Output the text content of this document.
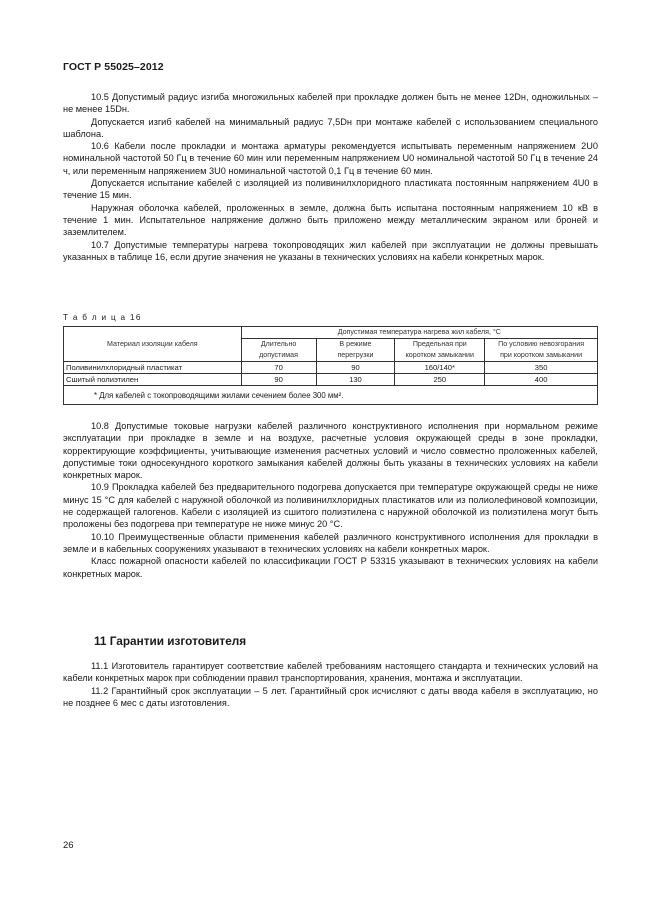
ГОСТ Р 55025–2012

10.5 Допустимый радиус изгиба многожильных кабелей при прокладке должен быть не менее 12Dн, одножильных – не менее 15Dн.

Допускается изгиб кабелей на минимальный радиус 7,5Dн при монтаже кабелей с использованием специального шаблона.

10.6 Кабели после прокладки и монтажа арматуры рекомендуется испытывать переменным напряжением 2U0 номинальной частотой 50 Гц в течение 60 мин или переменным напряжением U0 номинальной частотой 50 Гц в течение 24 ч, или переменным напряжением 3U0 номинальной частотой 0,1 Гц в течение 60 мин.

Допускается испытание кабелей с изоляцией из поливинилхлоридного пластиката постоянным напряжением 4U0 в течение 15 мин.

Наружная оболочка кабелей, проложенных в земле, должна быть испытана постоянным напряжением 10 кВ в течение 1 мин. Испытательное напряжение должно быть приложено между металлическим экраном или броней и заземлителем.

10.7 Допустимые температуры нагрева токопроводящих жил кабелей при эксплуатации не должны превышать указанных в таблице 16, если другие значения не указаны в технических условиях на кабели конкретных марок.

Т а б л и ц а 16
Материал изоляции кабеля	Допустимая температура нагрева жил кабеля, °С			
	Длительно	В режиме	Предельная при	По условию невозгорания
	допустимая	перегрузки	коротком замыкании	при коротком замыкании
Поливинилхлоридный пластикат	70	90	160/140*	350
Сшитый полиэтилен	90	130	250	400
* Для кабелей с токопроводящими жилами сечением более 300 мм².				

10.8 Допустимые токовые нагрузки кабелей различного конструктивного исполнения при нормальном режиме эксплуатации при прокладке в земле и на воздухе, расчетные условия окружающей среды в зоне прокладки, корректирующие коэффициенты, учитывающие изменения расчетных условий и число совместно проложенных кабелей, допустимые токи односекундного короткого замыкания кабелей должны быть указаны в технических условиях на кабели конкретных марок.

10.9 Прокладка кабелей без предварительного подогрева допускается при температуре окружающей среды не ниже минус 15 °С для кабелей с наружной оболочкой из поливинилхлоридных пластикатов или из полиолефиновой композиции, не содержащей галогенов. Кабели с изоляцией из сшитого полиэтилена с наружной оболочкой из полиэтилена могут быть проложены без подогрева при температуре не ниже минус 20 °С.

10.10 Преимущественные области применения кабелей различного конструктивного исполнения для прокладки в земле и в кабельных сооружениях указывают в технических условиях на кабели конкретных марок.

Класс пожарной опасности кабелей по классификации ГОСТ Р 53315 указывают в технических условиях на кабели конкретных марок.

11 Гарантии изготовителя

11.1 Изготовитель гарантирует соответствие кабелей требованиям настоящего стандарта и технических условий на кабели конкретных марок при соблюдении правил транспортирования, хранения, монтажа и эксплуатации.

11.2 Гарантийный срок эксплуатации – 5 лет. Гарантийный срок исчисляют с даты ввода кабеля в эксплуатацию, но не позднее 6 мес с даты изготовления.

26
